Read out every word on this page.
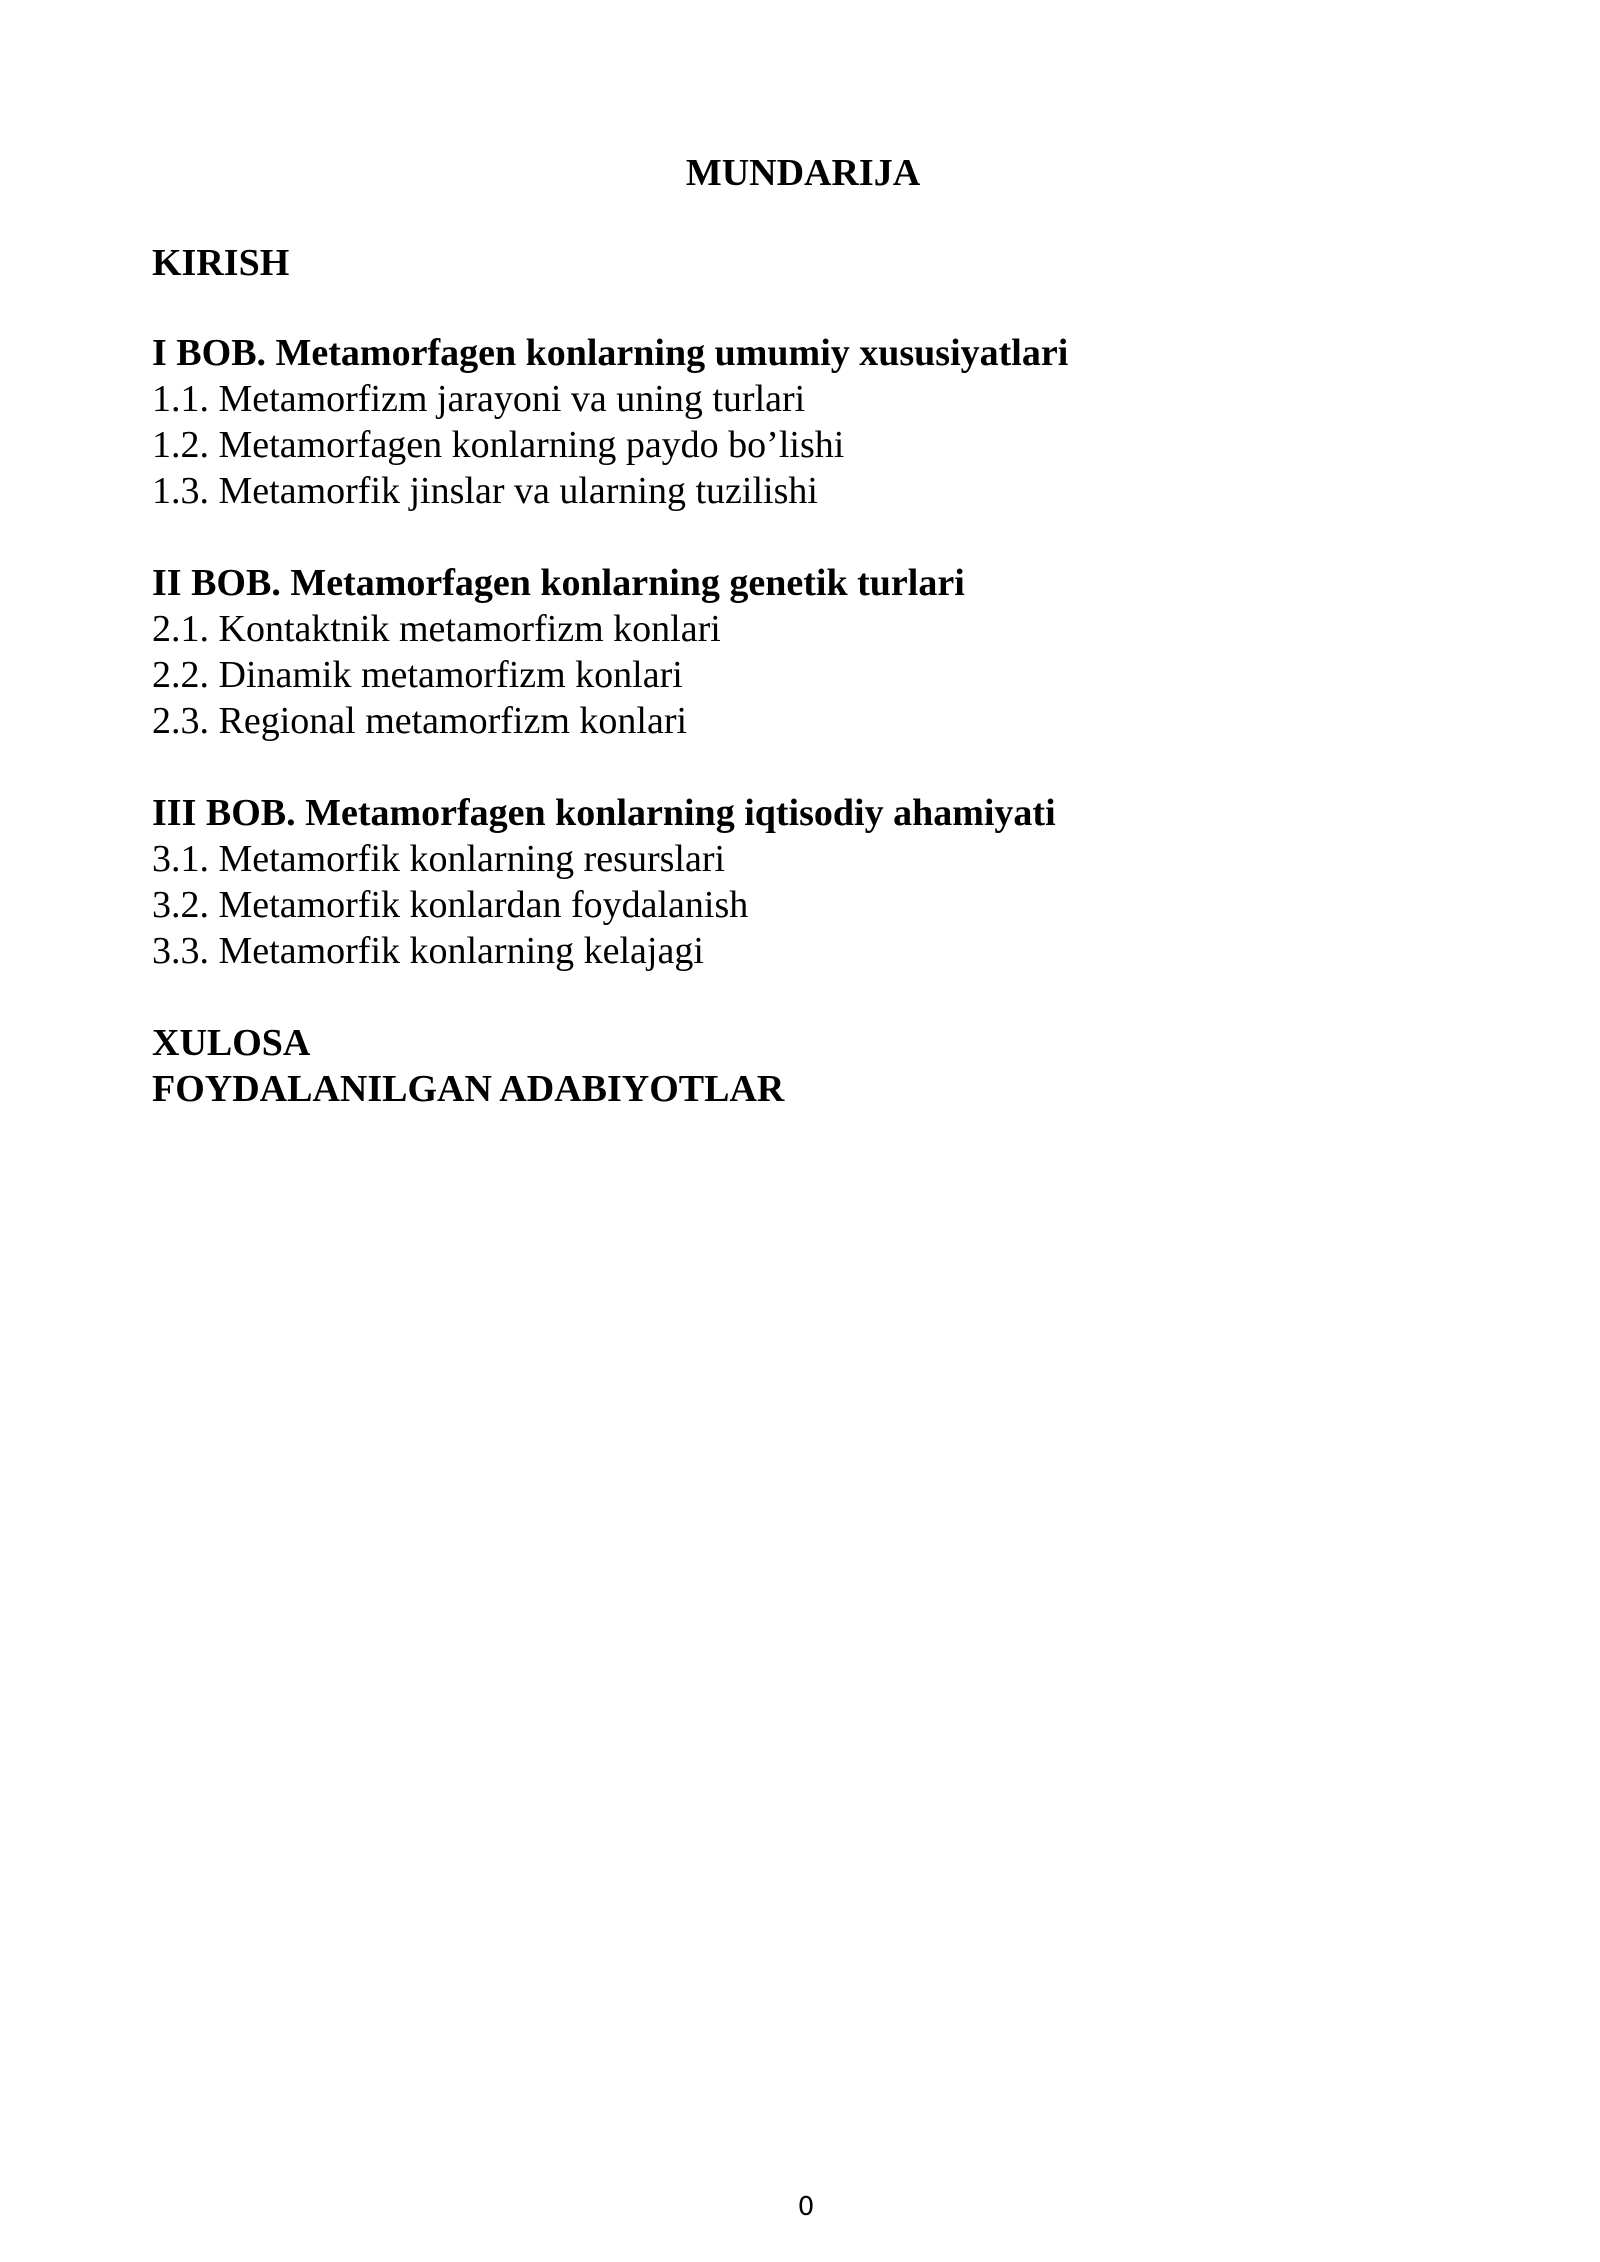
MUNDARIJA
KIRISH
I BOB. Metamorfagen konlarning umumiy xususiyatlari
1.1. Metamorfizm jarayoni va uning turlari
1.2. Metamorfagen konlarning paydo bo’lishi
1.3. Metamorfik jinslar va ularning tuzilishi
II BOB. Metamorfagen konlarning genetik turlari
2.1. Kontaktnik metamorfizm konlari
2.2. Dinamik metamorfizm konlari
2.3. Regional metamorfizm konlari
III BOB. Metamorfagen konlarning iqtisodiy ahamiyati
3.1. Metamorfik konlarning resurslari
3.2. Metamorfik konlardan foydalanish
3.3. Metamorfik konlarning kelajagi
XULOSA
FOYDALANILGAN ADABIYOTLAR
0
